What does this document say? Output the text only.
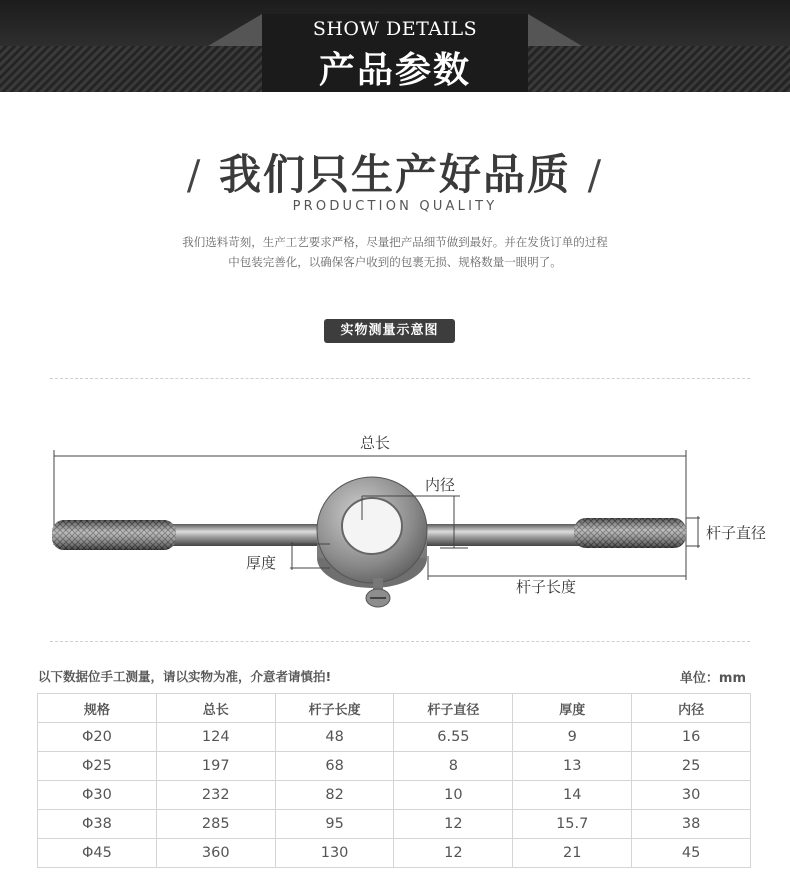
SHOW DETAILS
产品参数
/ 我们只生产好品质 /
PRODUCTION QUALITY
我们选料苛刻，生产工艺要求严格，尽量把产品细节做到最好。并在发货订单的过程
中包装完善化，以确保客户收到的包裹无损、规格数量一眼明了。
实物测量示意图
总长
内径
杆子直径
厚度
杆子长度
以下数据位手工测量，请以实物为准，介意者请慎拍!	单位：mm
规格	总长	杆子长度	杆子直径	厚度	内径
Φ20	124	48	6.55	9	16
Φ25	197	68	8	13	25
Φ30	232	82	10	14	30
Φ38	285	95	12	15.7	38
Φ45	360	130	12	21	45
